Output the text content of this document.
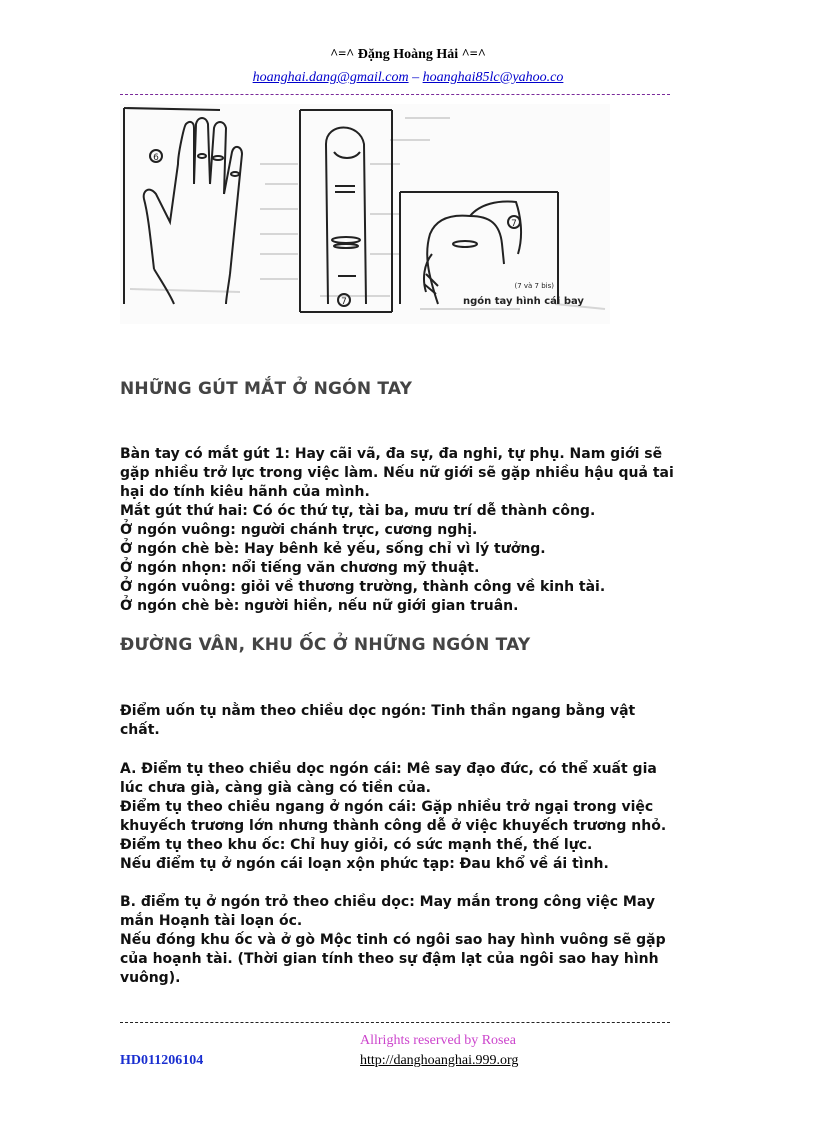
^=^ Đặng Hoàng Hải ^=^
hoanghai.dang@gmail.com – hoanghai85lc@yahoo.co
6
7
7
ngón tay hình cái bay
(7 và 7 bis)
NHỮNG GÚT MẮT Ở NGÓN TAY
Bàn tay có mắt gút 1: Hay cãi vã, đa sự, đa nghi, tự phụ. Nam giới sẽ
gặp nhiều trở lực trong việc làm. Nếu nữ giới sẽ gặp nhiều hậu quả tai
hại do tính kiêu hãnh của mình.
Mắt gút thứ hai: Có óc thứ tự, tài ba, mưu trí dễ thành công.
Ở ngón vuông: người chánh trực, cương nghị.
Ở ngón chè bè: Hay bênh kẻ yếu, sống chỉ vì lý tưởng.
Ở ngón nhọn: nổi tiếng văn chương mỹ thuật.
Ở ngón vuông: giỏi về thương trường, thành công về kinh tài.
Ở ngón chè bè: người hiền, nếu nữ giới gian truân.
ĐƯỜNG VÂN, KHU ỐC Ở NHỮNG NGÓN TAY
Điểm uốn tụ nằm theo chiều dọc ngón: Tinh thần ngang bằng vật
chất.
A. Điểm tụ theo chiều dọc ngón cái: Mê say đạo đức, có thể xuất gia
lúc chưa già, càng già càng có tiền của.
Điểm tụ theo chiều ngang ở ngón cái: Gặp nhiều trở ngại trong việc
khuyếch trương lớn nhưng thành công dễ ở việc khuyếch trương nhỏ.
Điểm tụ theo khu ốc: Chỉ huy giỏi, có sức mạnh thế, thế lực.
Nếu điểm tụ ở ngón cái loạn xộn phức tạp: Đau khổ về ái tình.
B. điểm tụ ở ngón trỏ theo chiều dọc: May mắn trong công việc May
mắn Hoạnh tài loạn óc.
Nếu đóng khu ốc và ở gò Mộc tinh có ngôi sao hay hình vuông sẽ gặp
của hoạnh tài. (Thời gian tính theo sự đậm lạt của ngôi sao hay hình
vuông).
Allrights reserved by Rosea
HD011206104	http://danghoanghai.999.org
